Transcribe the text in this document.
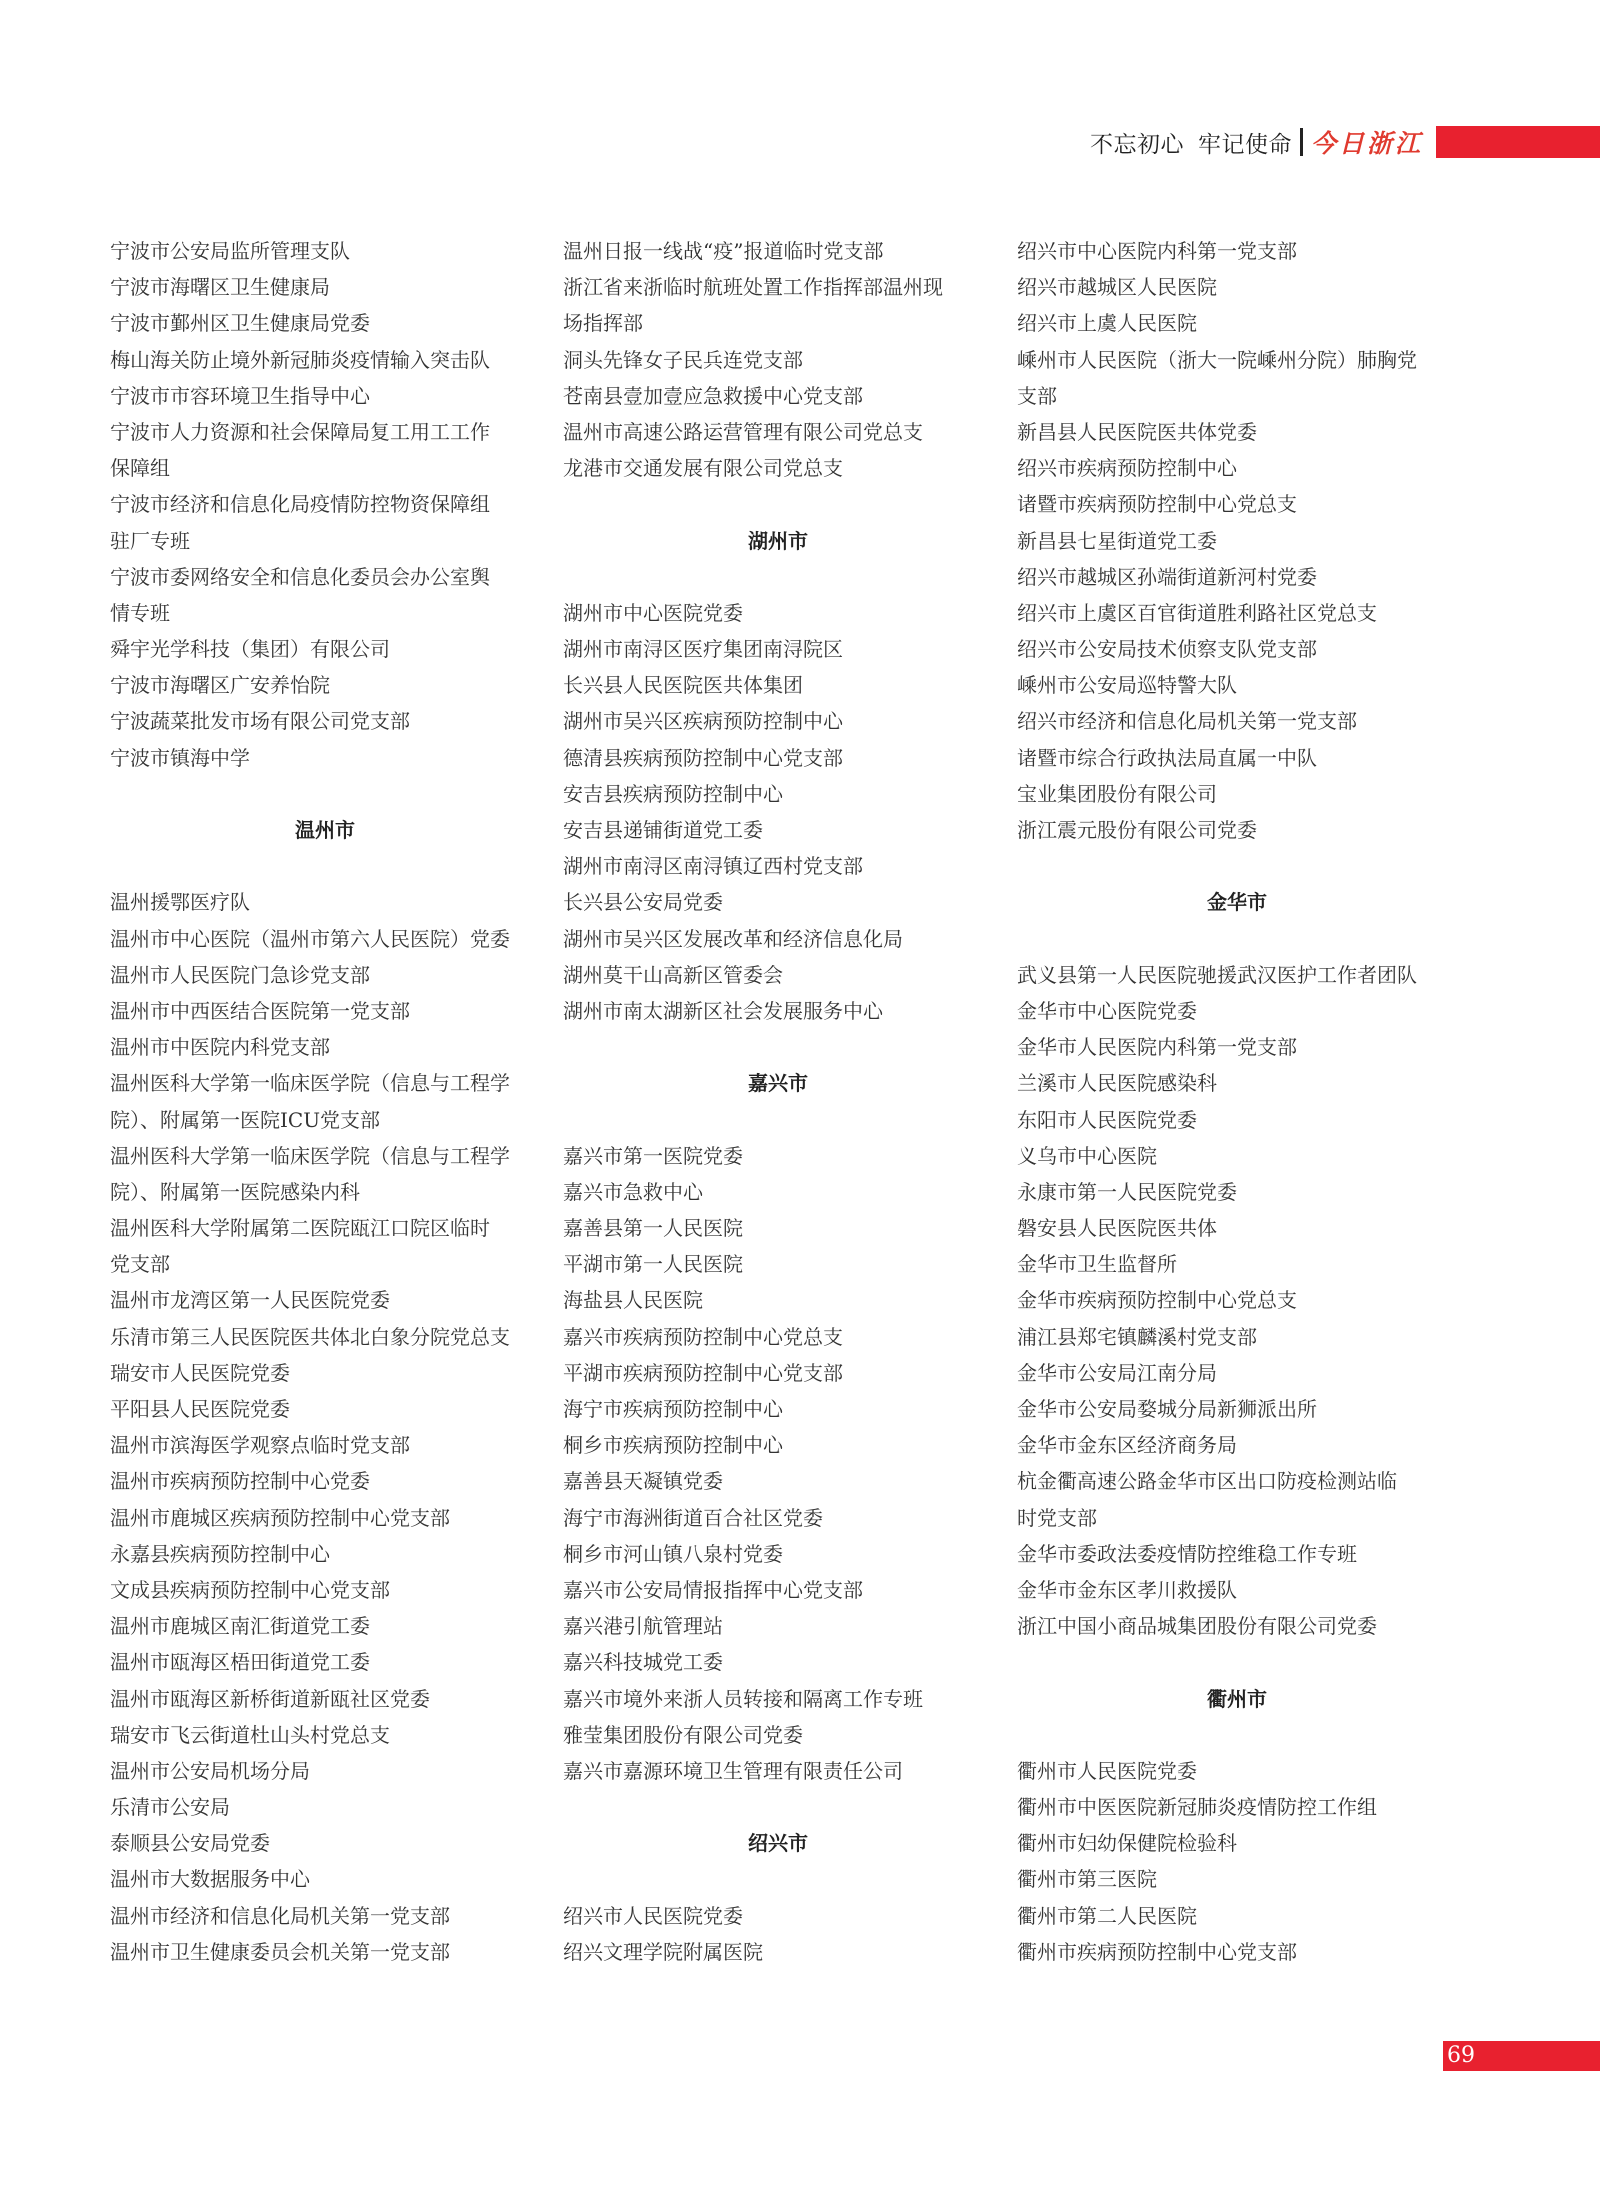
不忘初心 牢记使命 今日浙江
宁波市公安局监所管理支队
宁波市海曙区卫生健康局
宁波市鄞州区卫生健康局党委
梅山海关防止境外新冠肺炎疫情输入突击队
宁波市市容环境卫生指导中心
宁波市人力资源和社会保障局复工用工工作
保障组
宁波市经济和信息化局疫情防控物资保障组
驻厂专班
宁波市委网络安全和信息化委员会办公室舆
情专班
舜宇光学科技（集团）有限公司
宁波市海曙区广安养怡院
宁波蔬菜批发市场有限公司党支部
宁波市镇海中学
温州市
温州援鄂医疗队
温州市中心医院（温州市第六人民医院）党委
温州市人民医院门急诊党支部
温州市中西医结合医院第一党支部
温州市中医院内科党支部
温州医科大学第一临床医学院（信息与工程学
院）、附属第一医院ICU党支部
温州医科大学第一临床医学院（信息与工程学
院）、附属第一医院感染内科
温州医科大学附属第二医院瓯江口院区临时
党支部
温州市龙湾区第一人民医院党委
乐清市第三人民医院医共体北白象分院党总支
瑞安市人民医院党委
平阳县人民医院党委
温州市滨海医学观察点临时党支部
温州市疾病预防控制中心党委
温州市鹿城区疾病预防控制中心党支部
永嘉县疾病预防控制中心
文成县疾病预防控制中心党支部
温州市鹿城区南汇街道党工委
温州市瓯海区梧田街道党工委
温州市瓯海区新桥街道新瓯社区党委
瑞安市飞云街道杜山头村党总支
温州市公安局机场分局
乐清市公安局
泰顺县公安局党委
温州市大数据服务中心
温州市经济和信息化局机关第一党支部
温州市卫生健康委员会机关第一党支部
温州日报一线战“疫”报道临时党支部
浙江省来浙临时航班处置工作指挥部温州现
场指挥部
洞头先锋女子民兵连党支部
苍南县壹加壹应急救援中心党支部
温州市高速公路运营管理有限公司党总支
龙港市交通发展有限公司党总支
湖州市
湖州市中心医院党委
湖州市南浔区医疗集团南浔院区
长兴县人民医院医共体集团
湖州市吴兴区疾病预防控制中心
德清县疾病预防控制中心党支部
安吉县疾病预防控制中心
安吉县递铺街道党工委
湖州市南浔区南浔镇辽西村党支部
长兴县公安局党委
湖州市吴兴区发展改革和经济信息化局
湖州莫干山高新区管委会
湖州市南太湖新区社会发展服务中心
嘉兴市
嘉兴市第一医院党委
嘉兴市急救中心
嘉善县第一人民医院
平湖市第一人民医院
海盐县人民医院
嘉兴市疾病预防控制中心党总支
平湖市疾病预防控制中心党支部
海宁市疾病预防控制中心
桐乡市疾病预防控制中心
嘉善县天凝镇党委
海宁市海洲街道百合社区党委
桐乡市河山镇八泉村党委
嘉兴市公安局情报指挥中心党支部
嘉兴港引航管理站
嘉兴科技城党工委
嘉兴市境外来浙人员转接和隔离工作专班
雅莹集团股份有限公司党委
嘉兴市嘉源环境卫生管理有限责任公司
绍兴市
绍兴市人民医院党委
绍兴文理学院附属医院
绍兴市中心医院内科第一党支部
绍兴市越城区人民医院
绍兴市上虞人民医院
嵊州市人民医院（浙大一院嵊州分院）肺胸党
支部
新昌县人民医院医共体党委
绍兴市疾病预防控制中心
诸暨市疾病预防控制中心党总支
新昌县七星街道党工委
绍兴市越城区孙端街道新河村党委
绍兴市上虞区百官街道胜利路社区党总支
绍兴市公安局技术侦察支队党支部
嵊州市公安局巡特警大队
绍兴市经济和信息化局机关第一党支部
诸暨市综合行政执法局直属一中队
宝业集团股份有限公司
浙江震元股份有限公司党委
金华市
武义县第一人民医院驰援武汉医护工作者团队
金华市中心医院党委
金华市人民医院内科第一党支部
兰溪市人民医院感染科
东阳市人民医院党委
义乌市中心医院
永康市第一人民医院党委
磐安县人民医院医共体
金华市卫生监督所
金华市疾病预防控制中心党总支
浦江县郑宅镇麟溪村党支部
金华市公安局江南分局
金华市公安局婺城分局新狮派出所
金华市金东区经济商务局
杭金衢高速公路金华市区出口防疫检测站临
时党支部
金华市委政法委疫情防控维稳工作专班
金华市金东区孝川救援队
浙江中国小商品城集团股份有限公司党委
衢州市
衢州市人民医院党委
衢州市中医医院新冠肺炎疫情防控工作组
衢州市妇幼保健院检验科
衢州市第三医院
衢州市第二人民医院
衢州市疾病预防控制中心党支部
69
